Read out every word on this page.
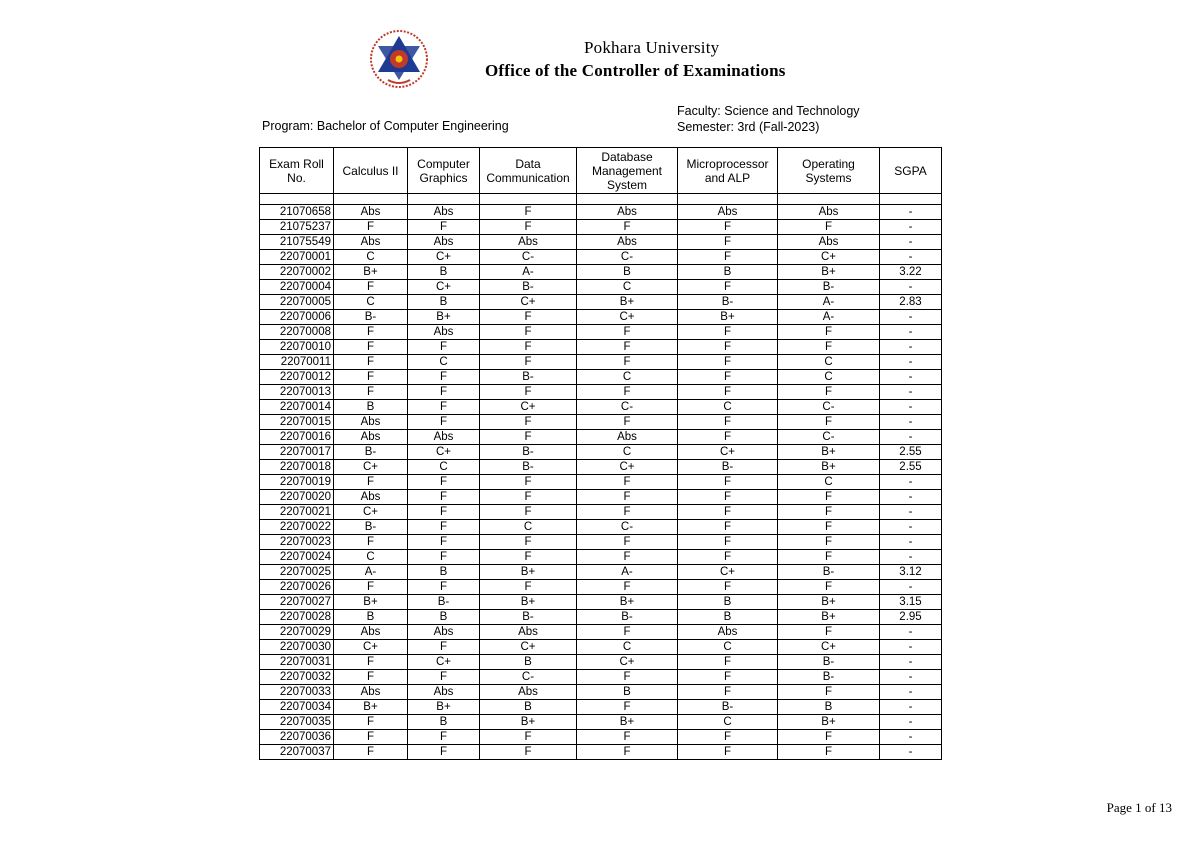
Pokhara University
Office of the Controller of Examinations
Program: Bachelor of Computer Engineering
Faculty: Science and Technology
Semester: 3rd (Fall-2023)
Exam Roll No.	Calculus II	Computer Graphics	Data Communication	Database Management System	Microprocessor and ALP	Operating Systems	SGPA

21070658	Abs	Abs	F	Abs	Abs	Abs	-
21075237	F	F	F	F	F	F	-
21075549	Abs	Abs	Abs	Abs	F	Abs	-
22070001	C	C+	C-	C-	F	C+	-
22070002	B+	B	A-	B	B	B+	3.22
22070004	F	C+	B-	C	F	B-	-
22070005	C	B	C+	B+	B-	A-	2.83
22070006	B-	B+	F	C+	B+	A-	-
22070008	F	Abs	F	F	F	F	-
22070010	F	F	F	F	F	F	-
22070011	F	C	F	F	F	C	-
22070012	F	F	B-	C	F	C	-
22070013	F	F	F	F	F	F	-
22070014	B	F	C+	C-	C	C-	-
22070015	Abs	F	F	F	F	F	-
22070016	Abs	Abs	F	Abs	F	C-	-
22070017	B-	C+	B-	C	C+	B+	2.55
22070018	C+	C	B-	C+	B-	B+	2.55
22070019	F	F	F	F	F	C	-
22070020	Abs	F	F	F	F	F	-
22070021	C+	F	F	F	F	F	-
22070022	B-	F	C	C-	F	F	-
22070023	F	F	F	F	F	F	-
22070024	C	F	F	F	F	F	-
22070025	A-	B	B+	A-	C+	B-	3.12
22070026	F	F	F	F	F	F	-
22070027	B+	B-	B+	B+	B	B+	3.15
22070028	B	B	B-	B-	B	B+	2.95
22070029	Abs	Abs	Abs	F	Abs	F	-
22070030	C+	F	C+	C	C	C+	-
22070031	F	C+	B	C+	F	B-	-
22070032	F	F	C-	F	F	B-	-
22070033	Abs	Abs	Abs	B	F	F	-
22070034	B+	B+	B	F	B-	B	-
22070035	F	B	B+	B+	C	B+	-
22070036	F	F	F	F	F	F	-
22070037	F	F	F	F	F	F	-
Page 1 of 13
